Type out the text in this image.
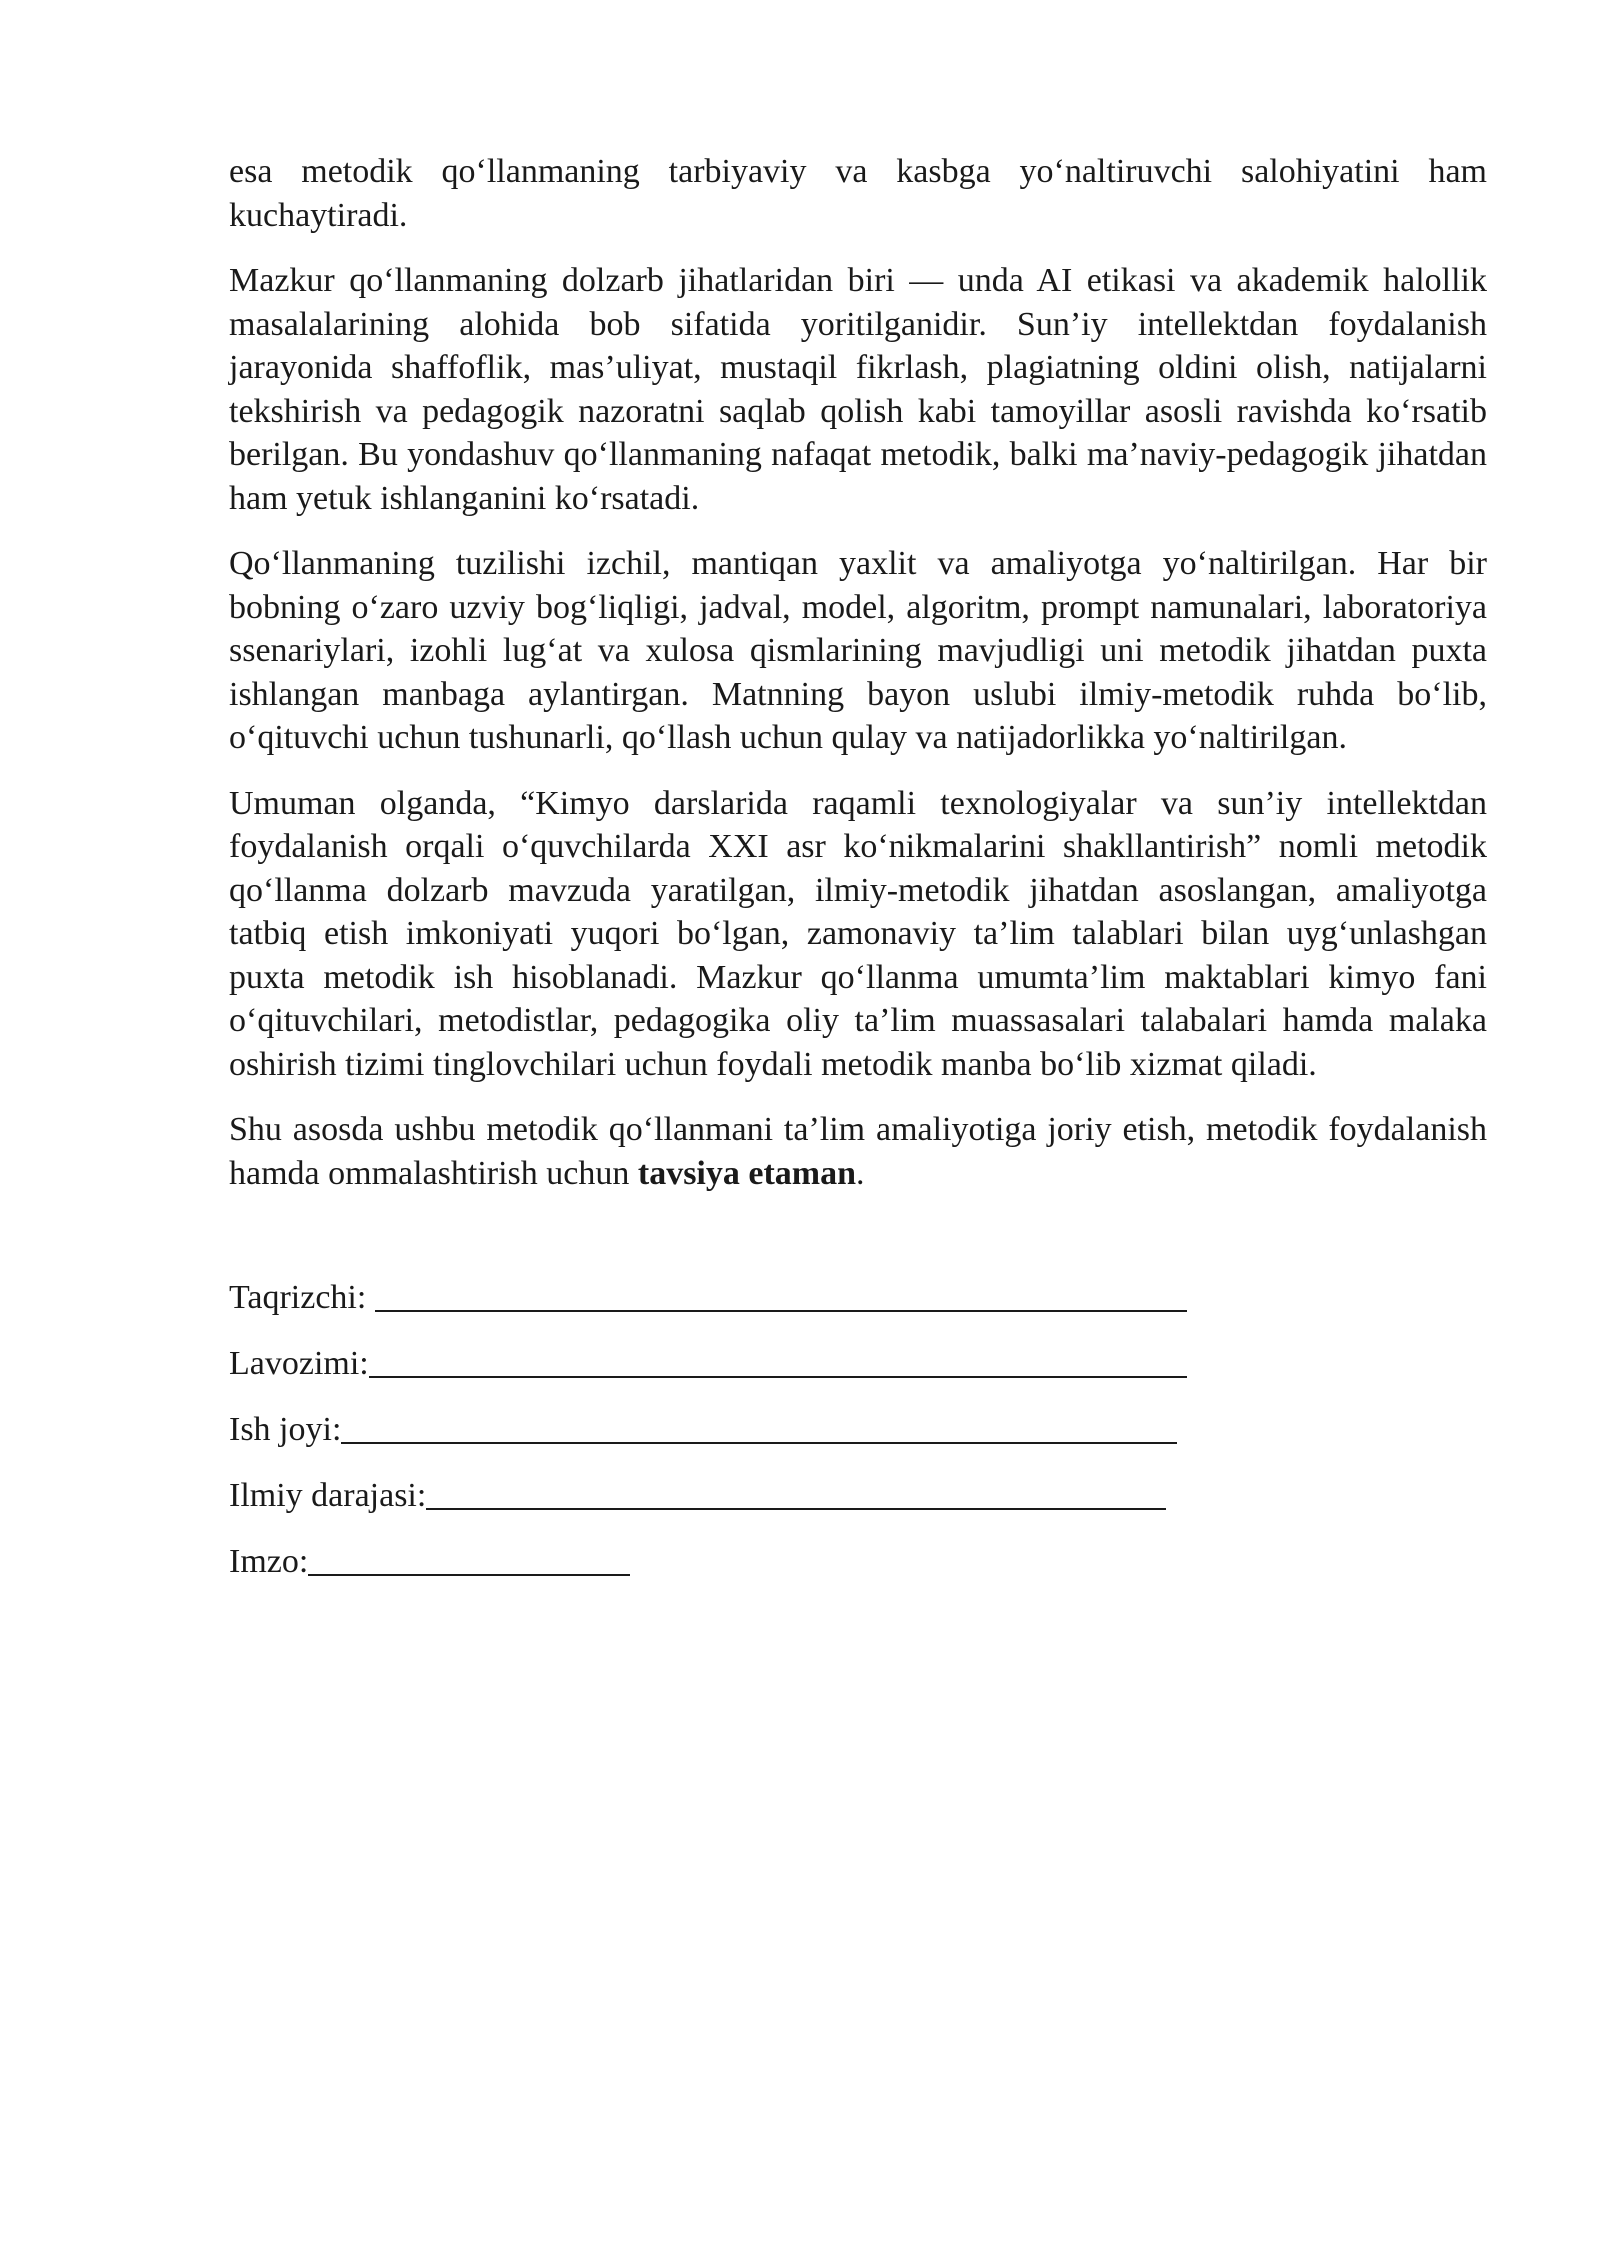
esa metodik qo‘llanmaning tarbiyaviy va kasbga yo‘naltiruvchi salohiyatini ham kuchaytiradi.

Mazkur qo‘llanmaning dolzarb jihatlaridan biri — unda AI etikasi va akademik halollik masalalarining alohida bob sifatida yoritilganidir. Sun’iy intellektdan foydalanish jarayonida shaffoflik, mas’uliyat, mustaqil fikrlash, plagiatning oldini olish, natijalarni tekshirish va pedagogik nazoratni saqlab qolish kabi tamoyillar asosli ravishda ko‘rsatib berilgan. Bu yondashuv qo‘llanmaning nafaqat metodik, balki ma’naviy-pedagogik jihatdan ham yetuk ishlanganini ko‘rsatadi.

Qo‘llanmaning tuzilishi izchil, mantiqan yaxlit va amaliyotga yo‘naltirilgan. Har bir bobning o‘zaro uzviy bog‘liqligi, jadval, model, algoritm, prompt namunalari, laboratoriya ssenariylari, izohli lug‘at va xulosa qismlarining mavjudligi uni metodik jihatdan puxta ishlangan manbaga aylantirgan. Matnning bayon uslubi ilmiy-metodik ruhda bo‘lib, o‘qituvchi uchun tushunarli, qo‘llash uchun qulay va natijadorlikka yo‘naltirilgan.

Umuman olganda, “Kimyo darslarida raqamli texnologiyalar va sun’iy intellektdan foydalanish orqali o‘quvchilarda XXI asr ko‘nikmalarini shakllantirish” nomli metodik qo‘llanma dolzarb mavzuda yaratilgan, ilmiy-metodik jihatdan asoslangan, amaliyotga tatbiq etish imkoniyati yuqori bo‘lgan, zamonaviy ta’lim talablari bilan uyg‘unlashgan puxta metodik ish hisoblanadi. Mazkur qo‘llanma umumta’lim maktablari kimyo fani o‘qituvchilari, metodistlar, pedagogika oliy ta’lim muassasalari talabalari hamda malaka oshirish tizimi tinglovchilari uchun foydali metodik manba bo‘lib xizmat qiladi.

Shu asosda ushbu metodik qo‘llanmani ta’lim amaliyotiga joriy etish, metodik foydalanish hamda ommalashtirish uchun tavsiya etaman.

Taqrizchi:
Lavozimi:
Ish joyi:
Ilmiy darajasi:
Imzo:
